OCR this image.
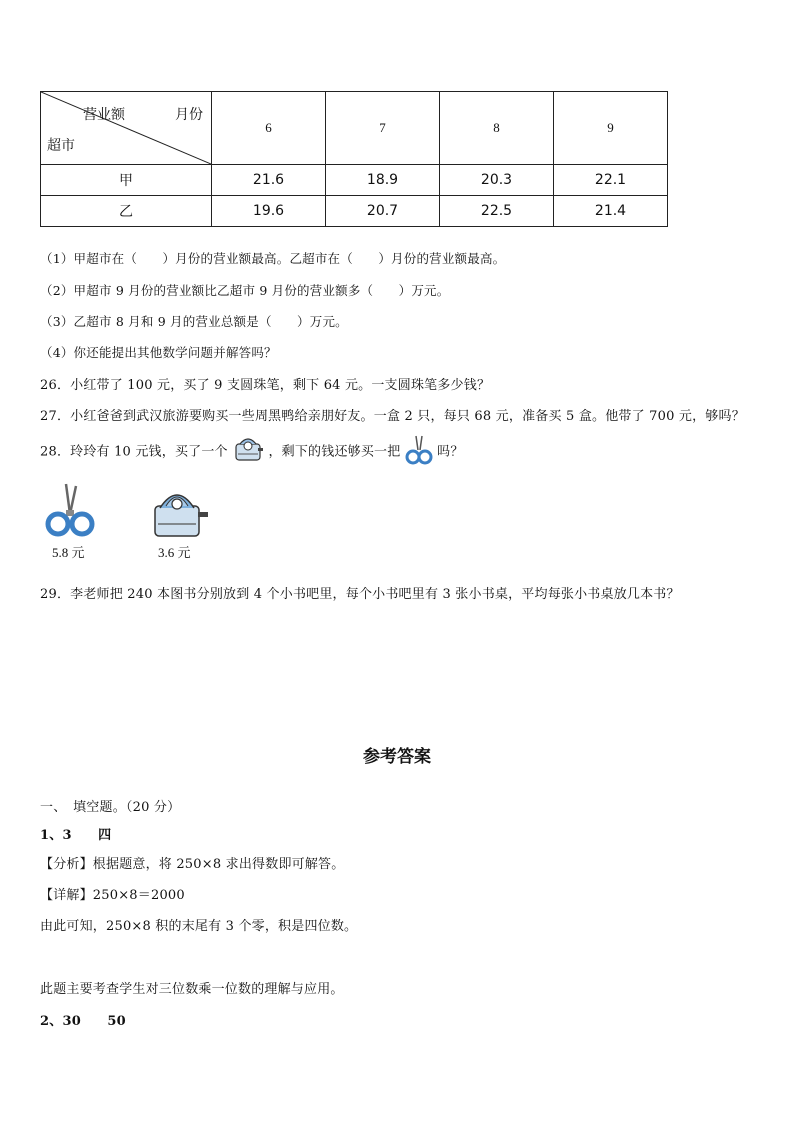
营业额 月份
超市	6	7	8	9
甲	21.6	18.9	20.3	22.1
乙	19.6	20.7	22.5	21.4
（1）甲超市在（　　）月份的营业额最高。乙超市在（　　）月份的营业额最高。
（2）甲超市 9 月份的营业额比乙超市 9 月份的营业额多（　　）万元。
（3）乙超市 8 月和 9 月的营业总额是（　　）万元。
（4）你还能提出其他数学问题并解答吗？
26．小红带了 100 元，买了 9 支圆珠笔，剩下 64 元。一支圆珠笔多少钱？
27．小红爸爸到武汉旅游要购买一些周黑鸭给亲朋好友。一盒 2 只，每只 68 元，准备买 5 盒。他带了 700 元，够吗？
28．玲玲有 10 元钱，买了一个	，剩下的钱还够买一把	吗？
5.8 元	3.6 元
29．李老师把 240 本图书分别放到 4 个小书吧里，每个小书吧里有 3 张小书桌，平均每张小书桌放几本书？
参考答案
一、　填空题。（20 分）
1、3　　四
【分析】根据题意，将 250×8 求出得数即可解答。
【详解】250×8＝2000
由此可知，250×8 积的末尾有 3 个零，积是四位数。
此题主要考查学生对三位数乘一位数的理解与应用。
2、30　　50
